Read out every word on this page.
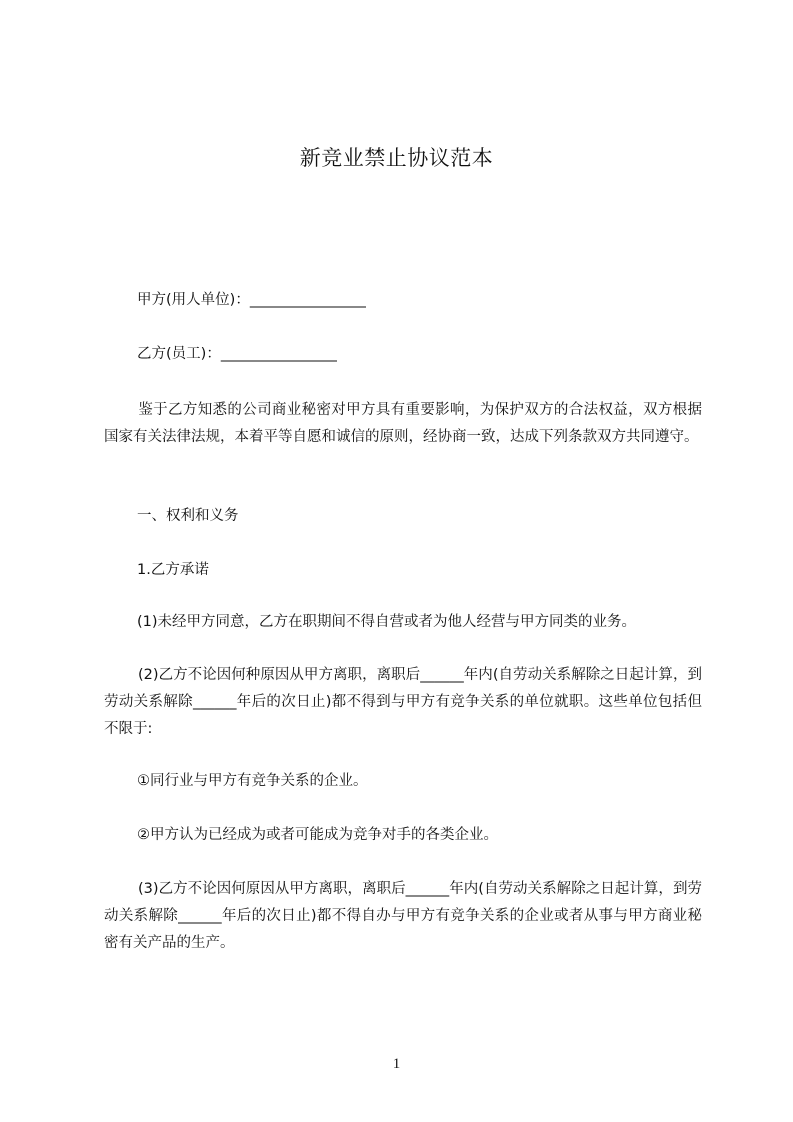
新竞业禁止协议范本
甲方(用人单位)：________________
乙方(员工)：________________
鉴于乙方知悉的公司商业秘密对甲方具有重要影响，为保护双方的合法权益，双方根据国家有关法律法规，本着平等自愿和诚信的原则，经协商一致，达成下列条款双方共同遵守。
一、权利和义务
1.乙方承诺
(1)未经甲方同意，乙方在职期间不得自营或者为他人经营与甲方同类的业务。
(2)乙方不论因何种原因从甲方离职，离职后______年内(自劳动关系解除之日起计算，到劳动关系解除______年后的次日止)都不得到与甲方有竞争关系的单位就职。这些单位包括但不限于:
①同行业与甲方有竞争关系的企业。
②甲方认为已经成为或者可能成为竞争对手的各类企业。
(3)乙方不论因何原因从甲方离职，离职后______年内(自劳动关系解除之日起计算，到劳动关系解除______年后的次日止)都不得自办与甲方有竞争关系的企业或者从事与甲方商业秘密有关产品的生产。
1
